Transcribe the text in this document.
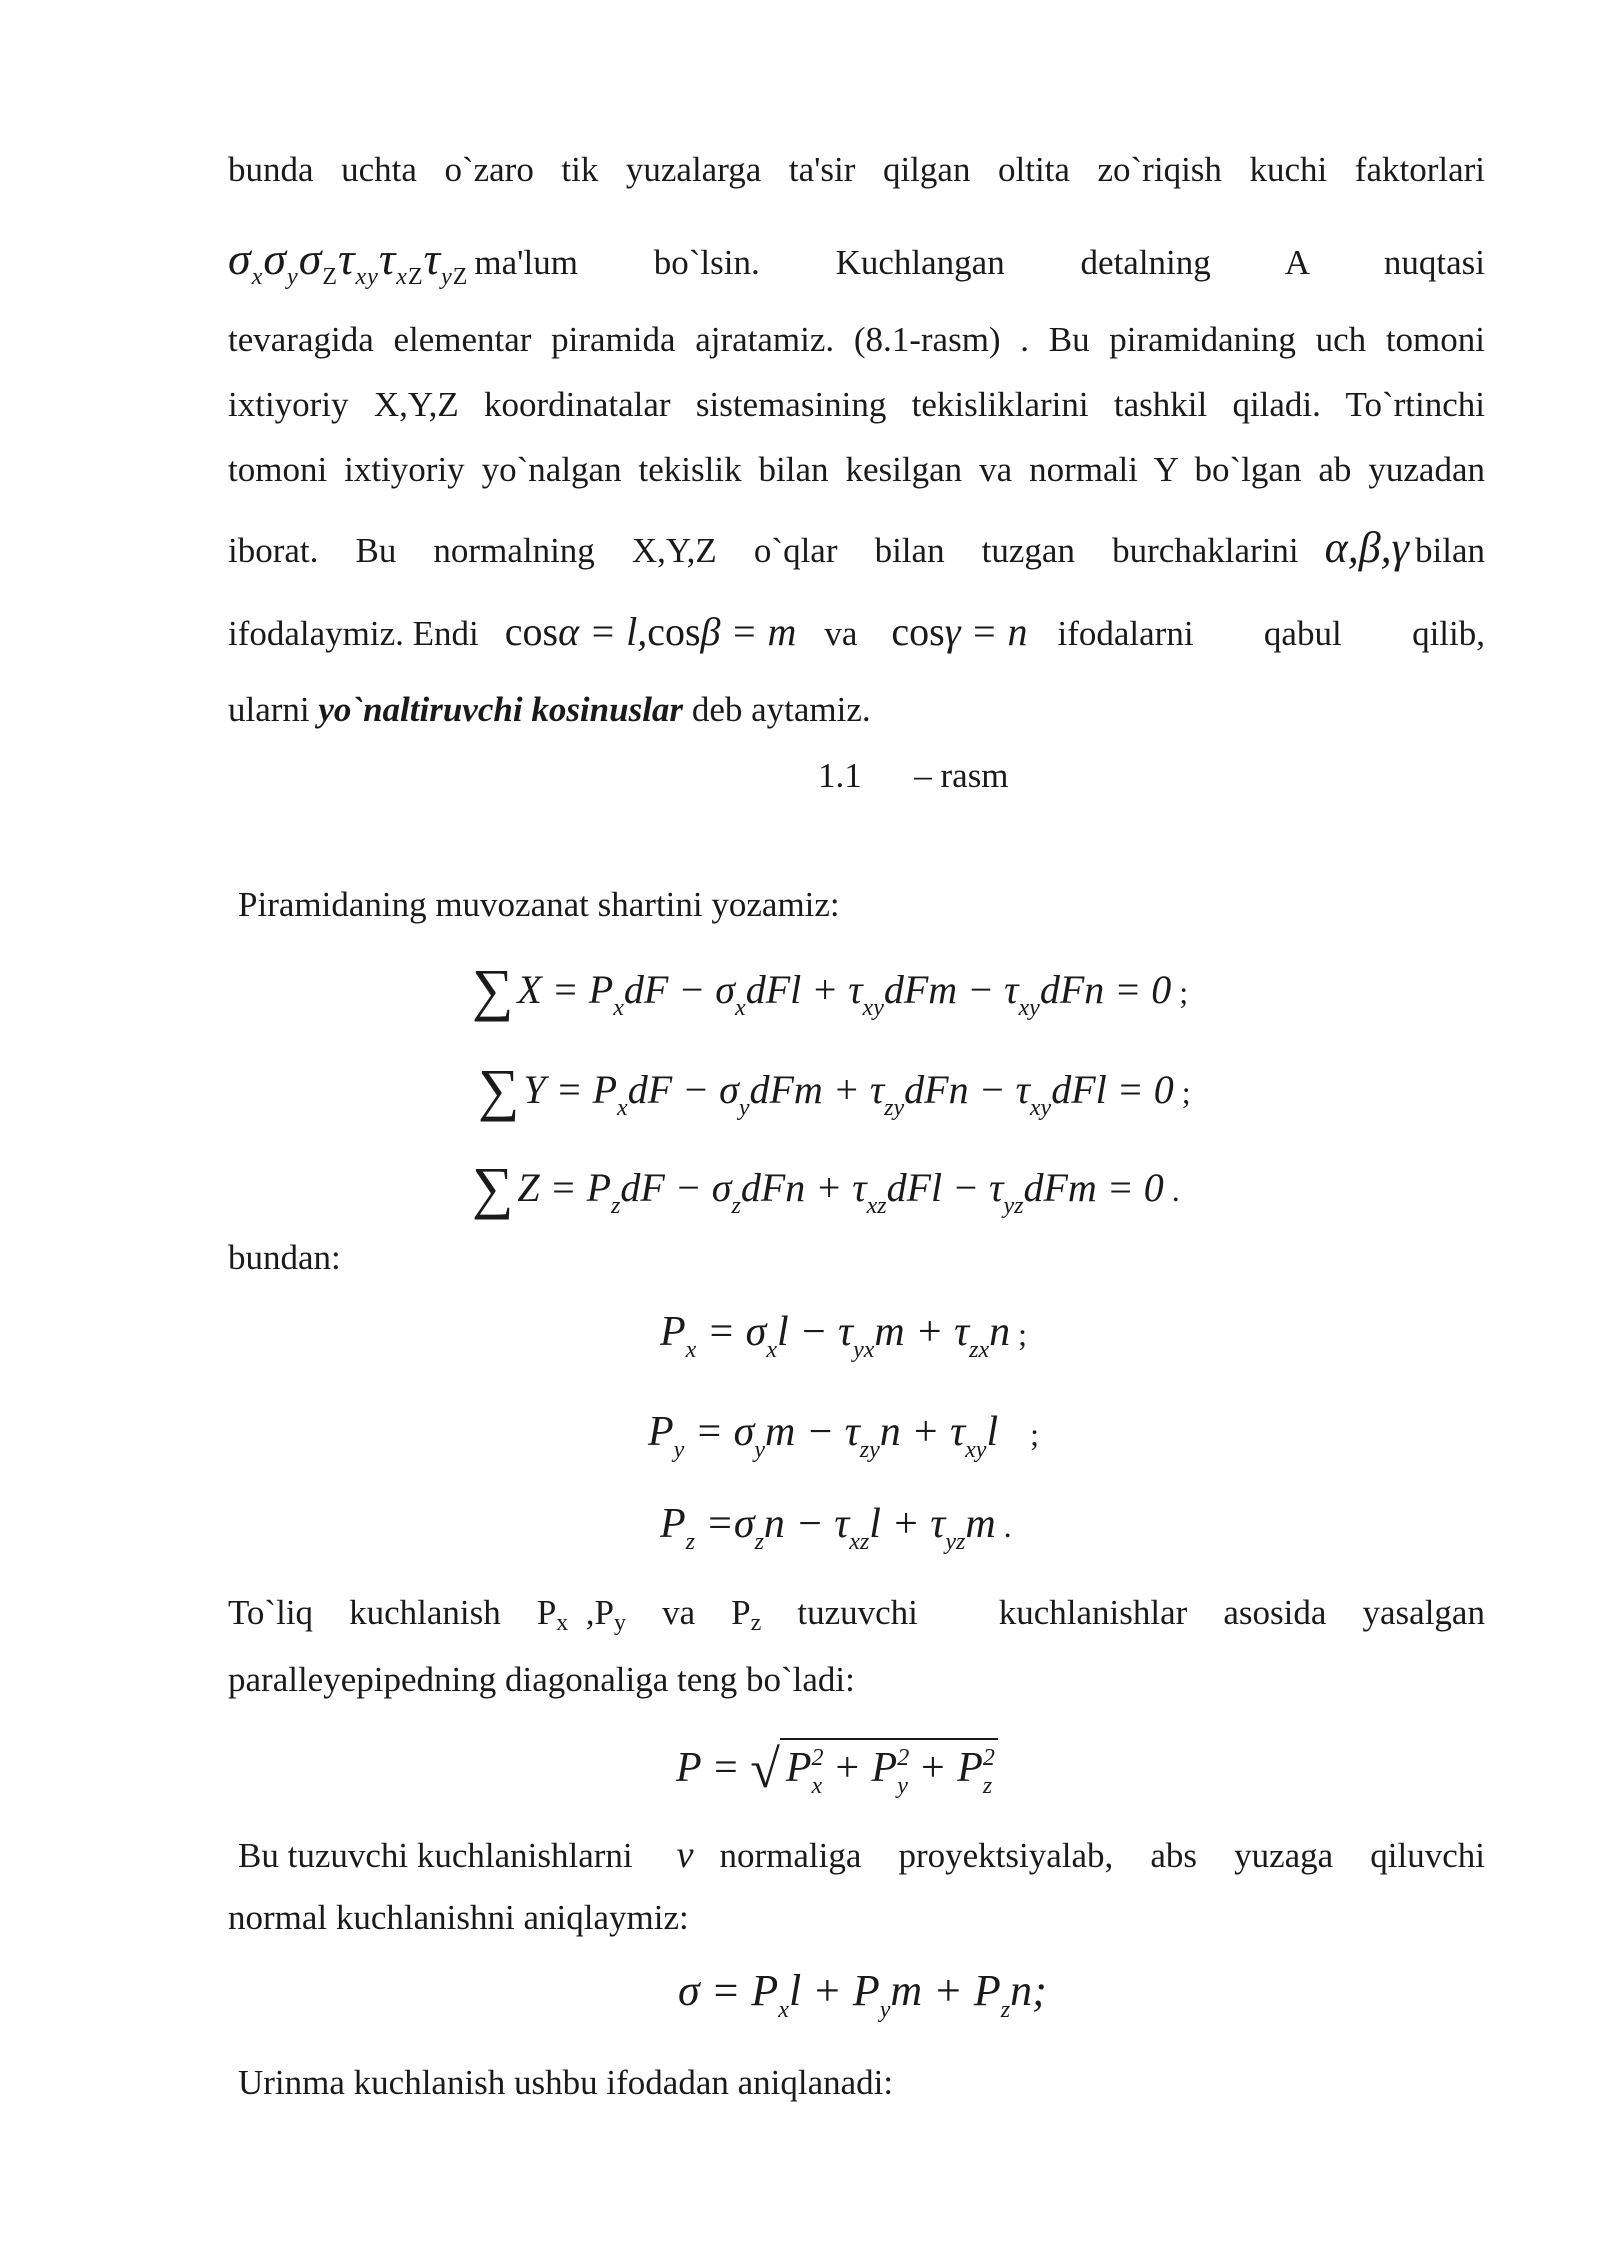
bunda uchta o`zaro tik yuzalarga ta'sir qilgan oltita zo`riqish kuchi faktorlari
$\sigma_x\sigma_y\sigma_Z\tau_{xy}\tau_{xZ}\tau_{yZ}$ ma'lum bo`lsin. Kuchlangan detalning A nuqtasi
tevaragida elementar piramida ajratamiz. (8.1-rasm) . Bu piramidaning uch tomoni
ixtiyoriy X,Y,Z koordinatalar sistemasining tekisliklarini tashkil qiladi. To`rtinchi
tomoni ixtiyoriy yo`nalgan tekislik bilan kesilgan va normali Y bo`lgan ab yuzadan
iborat. Bu normalning X,Y,Z o`qlar bilan tuzgan burchaklarini α,β,γ bilan
ifodalaymiz. Endi cosα = l,cosβ = m va cosγ = n ifodalarni qabul qilib,
ularni yo`naltiruvchi kosinuslar deb aytamiz.
1.1      – rasm
Piramidaning muvozanat shartini yozamiz:
∑ $X = P_xdF - \sigma_xdFl + \tau_{xy}dFm - \tau_{xy}dFn = 0$ ;
∑ $Y = P_xdF - \sigma_ydFm + \tau_{zy}dFn - \tau_{xy}dFl = 0$ ;
∑ $Z = P_zdF - \sigma_zdFn + \tau_{xz}dFl - \tau_{yz}dFm = 0$ .
bundan:
$P_x = \sigma_xl - \tau_{yx}m + \tau_{zx}n$ ;
$P_y = \sigma_ym - \tau_{zy}n + \tau_{xy}l$    ;
$P_z =\sigma_zn - \tau_{xz}l + \tau_{yz}m$ .
To`liq kuchlanish Px  ,Py va Pz tuzuvchi
kuchlanishlar asosida yasalgan
paralleyepipedning diagonaliga teng bo`ladi:
P = √ $P^2_x + P^2_y + P^2_z$
Bu tuzuvchi kuchlanishlarni ν normaliga proyektsiyalab, abs yuzaga qiluvchi
normal kuchlanishni aniqlaymiz:
$\sigma = P_xl + P_ym + P_zn$;
Urinma kuchlanish ushbu ifodadan aniqlanadi:
